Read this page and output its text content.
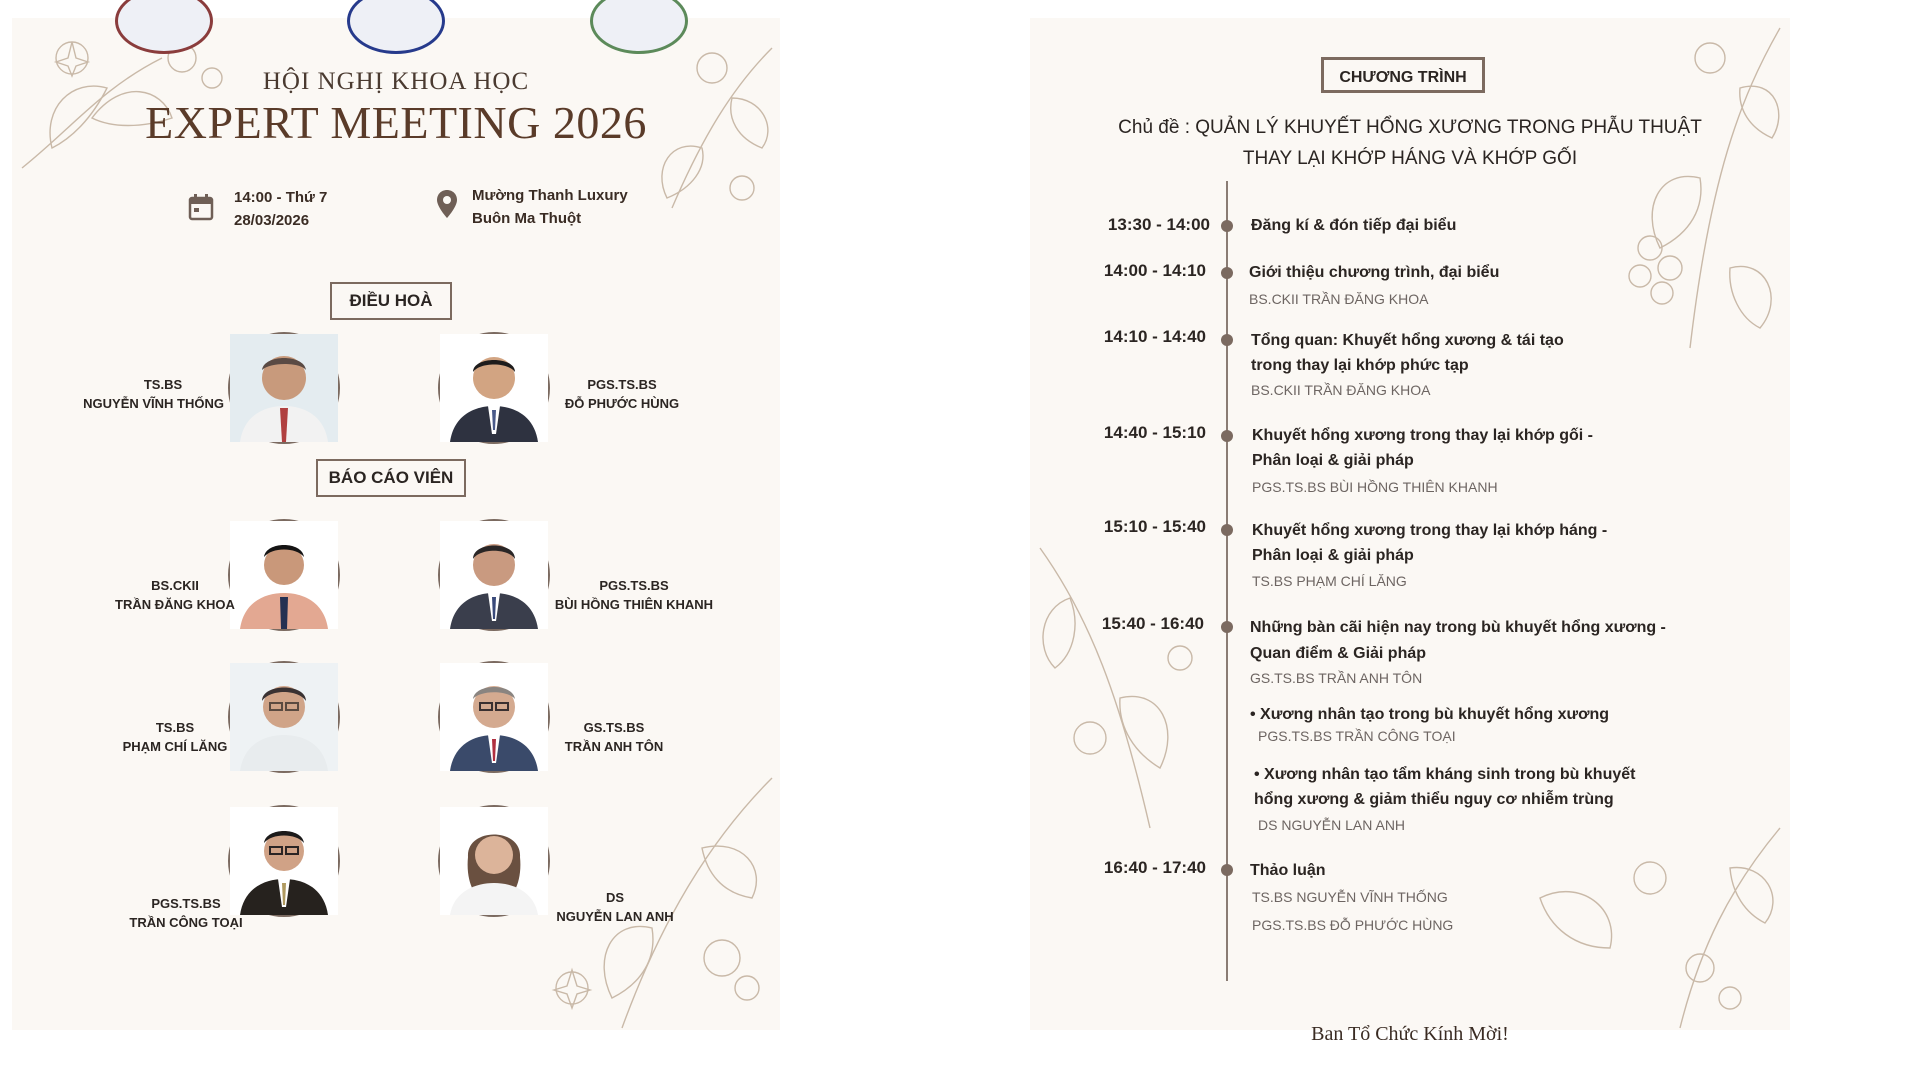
HỘI NGHỊ KHOA HỌC
EXPERT MEETING 2026
14:00 - Thứ 7
28/03/2026
Mường Thanh Luxury
Buôn Ma Thuột
ĐIỀU HOÀ
TS.BS
NGUYỄN VĨNH THỐNG
PGS.TS.BS
ĐỖ PHƯỚC HÙNG
BÁO CÁO VIÊN
BS.CKII
TRẦN ĐĂNG KHOA
PGS.TS.BS
BÙI HỒNG THIÊN KHANH
TS.BS
PHẠM CHÍ LĂNG
GS.TS.BS
TRẦN ANH TÔN
PGS.TS.BS
TRẦN CÔNG TOẠI
DS
NGUYỄN LAN ANH
CHƯƠNG TRÌNH
Chủ đề : QUẢN LÝ KHUYẾT HỔNG XƯƠNG TRONG PHẪU THUẬT
THAY LẠI KHỚP HÁNG VÀ KHỚP GỐI
13:30 - 14:00	Đăng kí & đón tiếp đại biểu
14:00 - 14:10	Giới thiệu chương trình, đại biểu
BS.CKII TRẦN ĐĂNG KHOA
14:10 - 14:40	Tổng quan: Khuyết hổng xương & tái tạo
trong thay lại khớp phức tạp
BS.CKII TRẦN ĐĂNG KHOA
14:40 - 15:10	Khuyết hổng xương trong thay lại khớp gối -
Phân loại & giải pháp
PGS.TS.BS BÙI HỒNG THIÊN KHANH
15:10 - 15:40	Khuyết hổng xương trong thay lại khớp háng -
Phân loại & giải pháp
TS.BS PHẠM CHÍ LĂNG
15:40 - 16:40	Những bàn cãi hiện nay trong bù khuyết hổng xương -
Quan điểm & Giải pháp
GS.TS.BS TRẦN ANH TÔN
• Xương nhân tạo trong bù khuyết hổng xương
PGS.TS.BS TRẦN CÔNG TOẠI
• Xương nhân tạo tẩm kháng sinh trong bù khuyết
hổng xương & giảm thiểu nguy cơ nhiễm trùng
DS NGUYỄN LAN ANH
16:40 - 17:40	Thảo luận
TS.BS NGUYỄN VĨNH THỐNG
PGS.TS.BS ĐỖ PHƯỚC HÙNG
Ban Tổ Chức Kính Mời!
